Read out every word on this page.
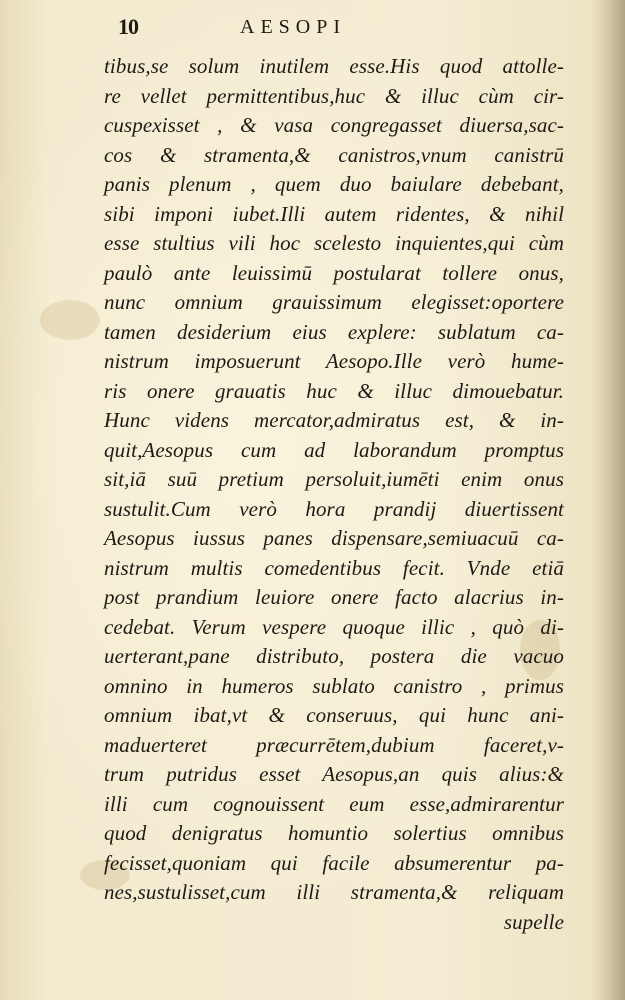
10	AESOPI
tibus,se solum inutilem esse.His quod attolle-
re vellet permittentibus,huc & illuc cùm cir-
cuspexisset , & vasa congregasset diuersa,sac-
cos & stramenta,& canistros,vnum canistrū
panis plenum , quem duo baiulare debebant,
sibi imponi iubet.Illi autem ridentes, & nihil
esse stultius vili hoc scelesto inquientes,qui cùm
paulò ante leuissimū postularat tollere onus,
nunc omnium grauissimum elegisset:oportere
tamen desiderium eius explere: sublatum ca-
nistrum imposuerunt Aesopo.Ille verò hume-
ris onere grauatis huc & illuc dimouebatur.
Hunc videns mercator,admiratus est, & in-
quit,Aesopus cum ad laborandum promptus
sit,iā suū pretium persoluit,iumēti enim onus
sustulit.Cum verò hora prandij diuertissent
Aesopus iussus panes dispensare,semiuacuū ca-
nistrum multis comedentibus fecit. Vnde etiā
post prandium leuiore onere facto alacrius in-
cedebat. Verum vespere quoque illic , quò di-
uerterant,pane distributo, postera die vacuo
omnino in humeros sublato canistro , primus
omnium ibat,vt & conseruus, qui hunc ani-
maduerteret præcurrētem,dubium faceret,v-
trum putridus esset Aesopus,an quis alius:&
illi cum cognouissent eum esse,admirarentur
quod denigratus homuntio solertius omnibus
fecisset,quoniam qui facile absumerentur pa-
nes,sustulisset,cum illi stramenta,& reliquam
supelle
